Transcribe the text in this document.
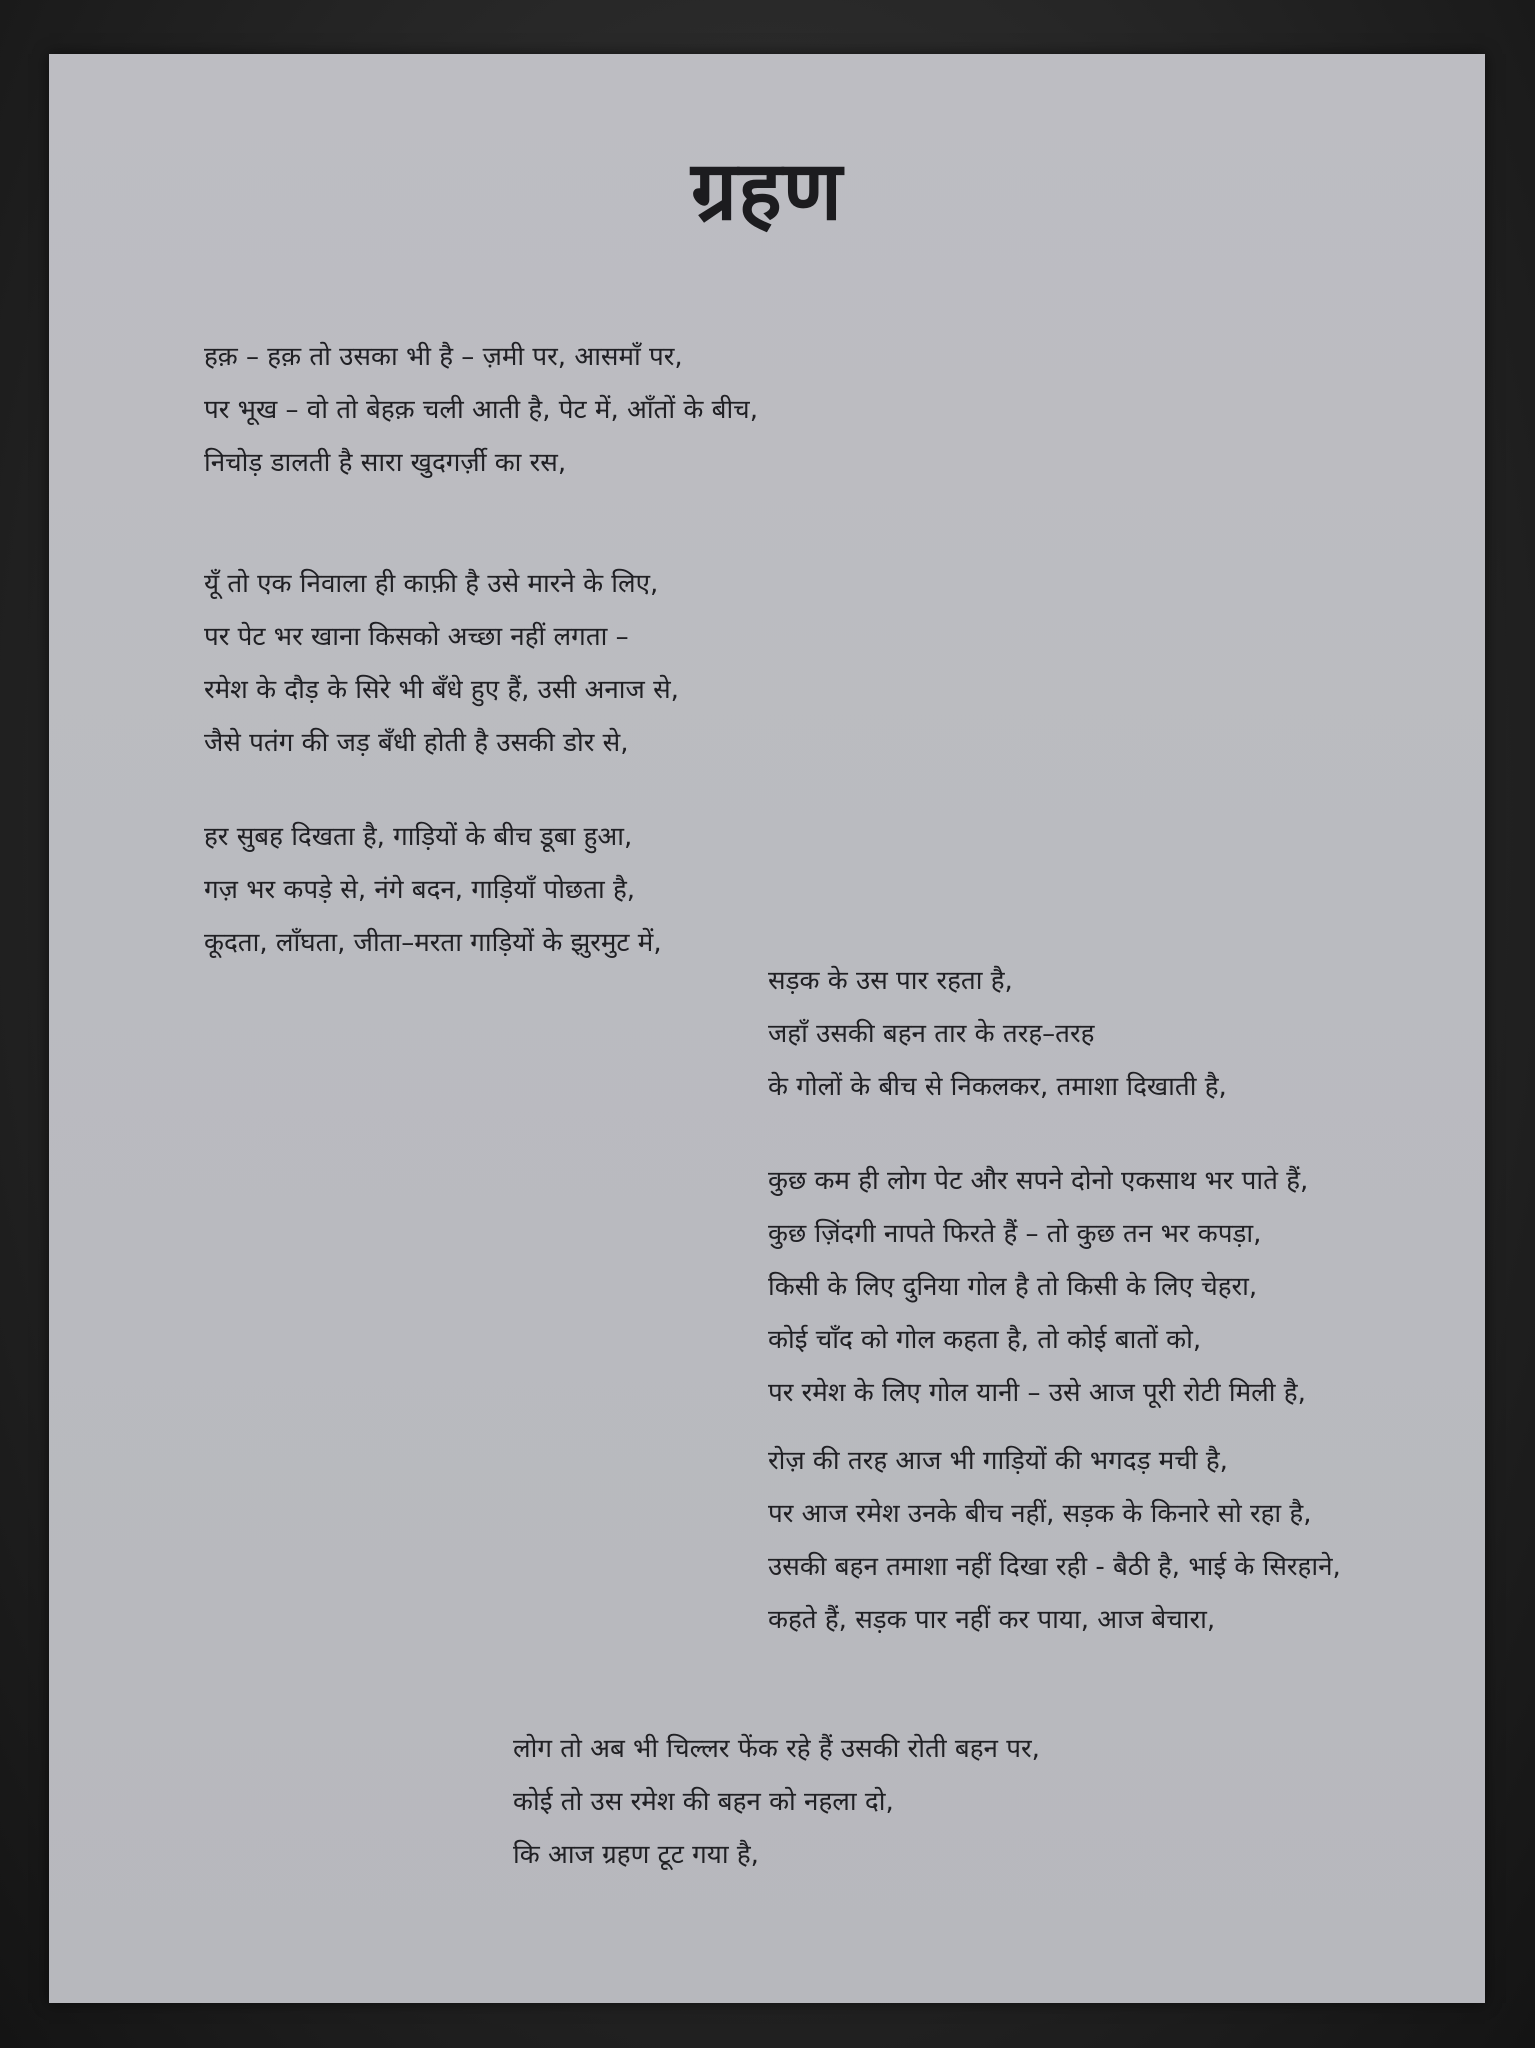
ग्रहण
हक़ – हक़ तो उसका भी है – ज़मी पर, आसमाँ पर,
पर भूख – वो तो बेहक़ चली आती है, पेट में, आँतों के बीच,
निचोड़ डालती है सारा खुदगर्ज़ी का रस,
यूँ तो एक निवाला ही काफ़ी है उसे मारने के लिए,
पर पेट भर खाना किसको अच्छा नहीं लगता –
रमेश के दौड़ के सिरे भी बँधे हुए हैं, उसी अनाज से,
जैसे पतंग की जड़ बँधी होती है उसकी डोर से,
हर सुबह दिखता है, गाड़ियों के बीच डूबा हुआ,
गज़ भर कपड़े से, नंगे बदन, गाड़ियाँ पोछता है,
कूदता, लाँघता, जीता–मरता गाड़ियों के झुरमुट में,
सड़क के उस पार रहता है,
जहाँ उसकी बहन तार के तरह–तरह
के गोलों के बीच से निकलकर, तमाशा दिखाती है,
कुछ कम ही लोग पेट और सपने दोनो एकसाथ भर पाते हैं,
कुछ ज़िंदगी नापते फिरते हैं – तो कुछ तन भर कपड़ा,
किसी के लिए दुनिया गोल है तो किसी के लिए चेहरा,
कोई चाँद को गोल कहता है, तो कोई बातों को,
पर रमेश के लिए गोल यानी – उसे आज पूरी रोटी मिली है,
रोज़ की तरह आज भी गाड़ियों की भगदड़ मची है,
पर आज रमेश उनके बीच नहीं, सड़क के किनारे सो रहा है,
उसकी बहन तमाशा नहीं दिखा रही - बैठी है, भाई के सिरहाने,
कहते हैं, सड़क पार नहीं कर पाया, आज बेचारा,
लोग तो अब भी चिल्लर फेंक रहे हैं उसकी रोती बहन पर,
कोई तो उस रमेश की बहन को नहला दो,
कि आज ग्रहण टूट गया है,
